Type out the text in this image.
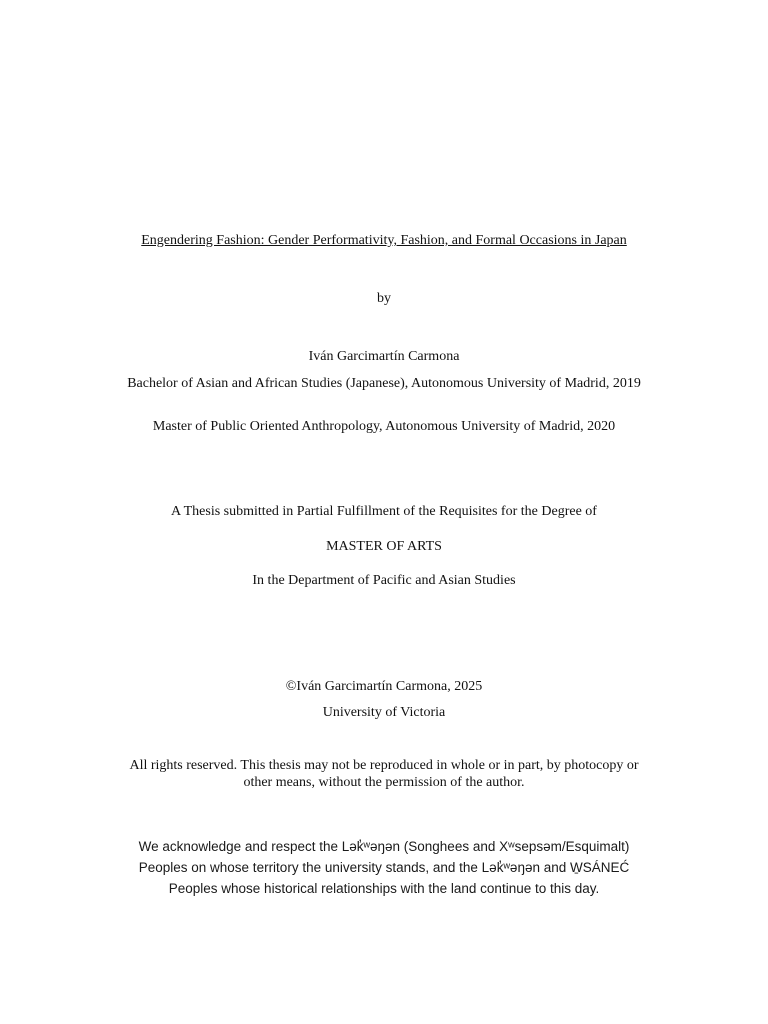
Engendering Fashion: Gender Performativity, Fashion, and Formal Occasions in Japan
by
Iván Garcimartín Carmona
Bachelor of Asian and African Studies (Japanese), Autonomous University of Madrid, 2019
Master of Public Oriented Anthropology, Autonomous University of Madrid, 2020
A Thesis submitted in Partial Fulfillment of the Requisites for the Degree of
MASTER OF ARTS
In the Department of Pacific and Asian Studies
©Iván Garcimartín Carmona, 2025
University of Victoria
All rights reserved. This thesis may not be reproduced in whole or in part, by photocopy or other means, without the permission of the author.
We acknowledge and respect the Lək̓ʷəŋən (Songhees and Xʷsepsəm/Esquimalt)
Peoples on whose territory the university stands, and the Lək̓ʷəŋən and W̱SÁNEĆ
Peoples whose historical relationships with the land continue to this day.
